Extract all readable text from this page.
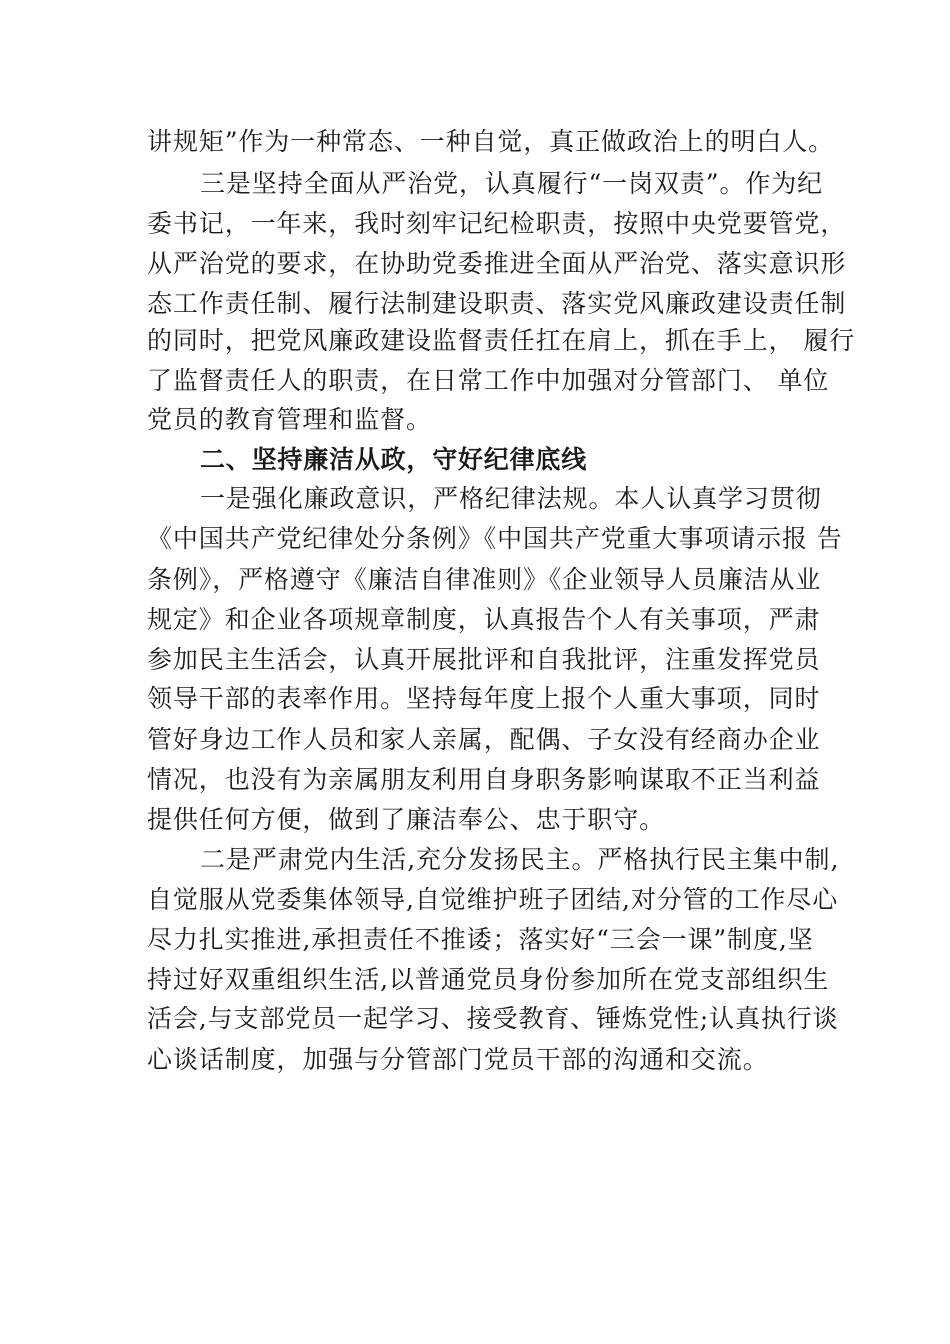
讲规矩”作为一种常态、一种自觉，真正做政治上的明白人。
三是坚持全面从严治党，认真履行“一岗双责”。作为纪
委书记，一年来，我时刻牢记纪检职责，按照中央党要管党，
从严治党的要求，在协助党委推进全面从严治党、落实意识形
态工作责任制、履行法制建设职责、落实党风廉政建设责任制
的同时，把党风廉政建设监督责任扛在肩上，抓在手上， 履行
了监督责任人的职责，在日常工作中加强对分管部门、 单位
党员的教育管理和监督。
二、坚持廉洁从政，守好纪律底线
一是强化廉政意识，严格纪律法规。本人认真学习贯彻
《中国共产党纪律处分条例》《中国共产党重大事项请示报 告
条例》，严格遵守《廉洁自律准则》《企业领导人员廉洁从业
规定》和企业各项规章制度，认真报告个人有关事项，严肃
参加民主生活会，认真开展批评和自我批评，注重发挥党员
领导干部的表率作用。坚持每年度上报个人重大事项，同时
管好身边工作人员和家人亲属，配偶、子女没有经商办企业
情况，也没有为亲属朋友利用自身职务影响谋取不正当利益
提供任何方便，做到了廉洁奉公、忠于职守。
二是严肃党内生活,充分发扬民主。严格执行民主集中制,
自觉服从党委集体领导,自觉维护班子团结,对分管的工作尽心
尽力扎实推进,承担责任不推诿；落实好“三会一课”制度,坚
持过好双重组织生活,以普通党员身份参加所在党支部组织生
活会,与支部党员一起学习、接受教育、锤炼党性;认真执行谈
心谈话制度，加强与分管部门党员干部的沟通和交流。
